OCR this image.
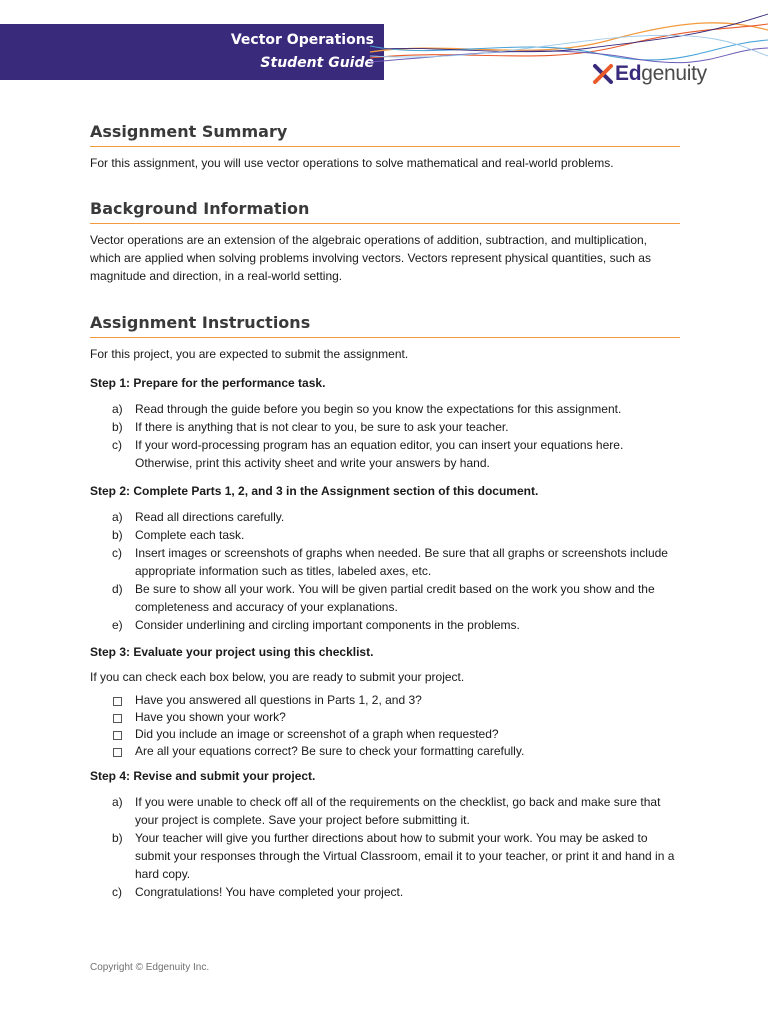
Vector Operations
Student Guide	Edgenuity
Assignment Summary

For this assignment, you will use vector operations to solve mathematical and real-world problems.

Background Information

Vector operations are an extension of the algebraic operations of addition, subtraction, and multiplication, which are applied when solving problems involving vectors. Vectors represent physical quantities, such as magnitude and direction, in a real-world setting.

Assignment Instructions

For this project, you are expected to submit the assignment.

Step 1: Prepare for the performance task.

a) Read through the guide before you begin so you know the expectations for this assignment.
b) If there is anything that is not clear to you, be sure to ask your teacher.
c) If your word-processing program has an equation editor, you can insert your equations here. Otherwise, print this activity sheet and write your answers by hand.

Step 2: Complete Parts 1, 2, and 3 in the Assignment section of this document.

a) Read all directions carefully.
b) Complete each task.
c) Insert images or screenshots of graphs when needed. Be sure that all graphs or screenshots include appropriate information such as titles, labeled axes, etc.
d) Be sure to show all your work. You will be given partial credit based on the work you show and the completeness and accuracy of your explanations.
e) Consider underlining and circling important components in the problems.

Step 3: Evaluate your project using this checklist.

If you can check each box below, you are ready to submit your project.

Have you answered all questions in Parts 1, 2, and 3?
Have you shown your work?
Did you include an image or screenshot of a graph when requested?
Are all your equations correct? Be sure to check your formatting carefully.

Step 4: Revise and submit your project.

a) If you were unable to check off all of the requirements on the checklist, go back and make sure that your project is complete. Save your project before submitting it.
b) Your teacher will give you further directions about how to submit your work. You may be asked to submit your responses through the Virtual Classroom, email it to your teacher, or print it and hand in a hard copy.
c) Congratulations! You have completed your project.
Copyright © Edgenuity Inc.
